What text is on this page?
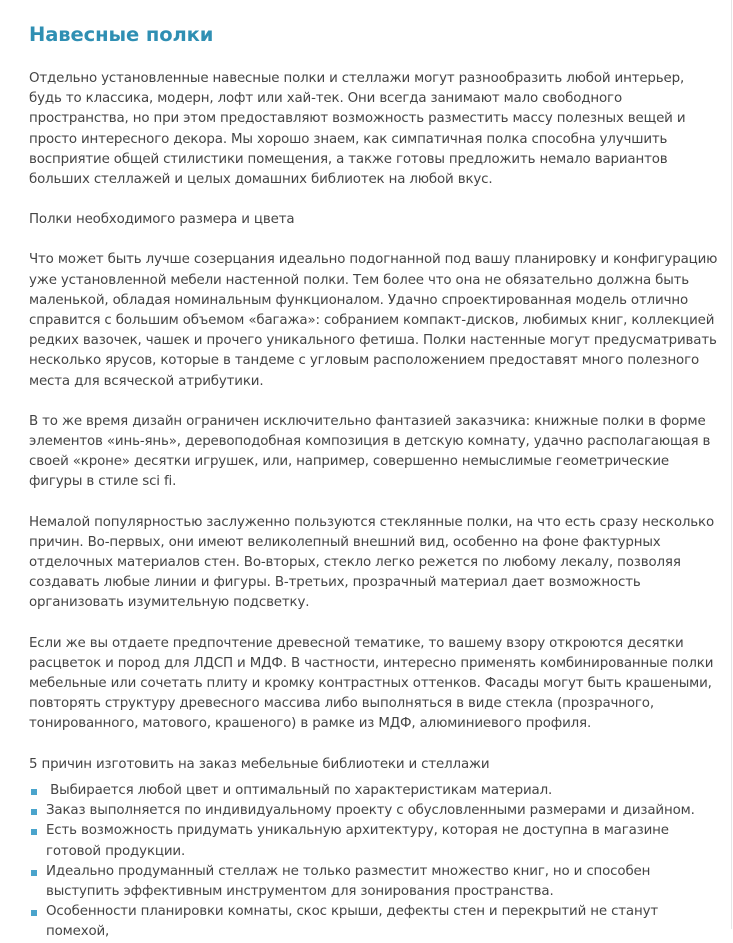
Навесные полки

Отдельно установленные навесные полки и стеллажи могут разнообразить любой интерьер, будь то классика, модерн, лофт или хай-тек. Они всегда занимают мало свободного пространства, но при этом предоставляют возможность разместить массу полезных вещей и просто интересного декора. Мы хорошо знаем, как симпатичная полка способна улучшить восприятие общей стилистики помещения, а также готовы предложить немало вариантов больших стеллажей и целых домашних библиотек на любой вкус.

Полки необходимого размера и цвета

Что может быть лучше созерцания идеально подогнанной под вашу планировку и конфигурацию уже установленной мебели настенной полки. Тем более что она не обязательно должна быть маленькой, обладая номинальным функционалом. Удачно спроектированная модель отлично справится с большим объемом «багажа»: собранием компакт-дисков, любимых книг, коллекцией редких вазочек, чашек и прочего уникального фетиша. Полки настенные могут предусматривать несколько ярусов, которые в тандеме с угловым расположением предоставят много полезного места для всяческой атрибутики.

В то же время дизайн ограничен исключительно фантазией заказчика: книжные полки в форме элементов «инь-янь», деревоподобная композиция в детскую комнату, удачно располагающая в своей «кроне» десятки игрушек, или, например, совершенно немыслимые геометрические фигуры в стиле sci fi.

Немалой популярностью заслуженно пользуются стеклянные полки, на что есть сразу несколько причин. Во-первых, они имеют великолепный внешний вид, особенно на фоне фактурных отделочных материалов стен. Во-вторых, стекло легко режется по любому лекалу, позволяя создавать любые линии и фигуры. В-третьих, прозрачный материал дает возможность организовать изумительную подсветку.

Если же вы отдаете предпочтение древесной тематике, то вашему взору откроются десятки расцветок и пород для ЛДСП и МДФ. В частности, интересно применять комбинированные полки мебельные или сочетать плиту и кромку контрастных оттенков. Фасады могут быть крашеными, повторять структуру древесного массива либо выполняться в виде стекла (прозрачного, тонированного, матового, крашеного) в рамке из МДФ, алюминиевого профиля.

5 причин изготовить на заказ мебельные библиотеки и стеллажи

Выбирается любой цвет и оптимальный по характеристикам материал.
Заказ выполняется по индивидуальному проекту с обусловленными размерами и дизайном.
Есть возможность придумать уникальную архитектуру, которая не доступна в магазине готовой продукции.
Идеально продуманный стеллаж не только разместит множество книг, но и способен выступить эффективным инструментом для зонирования пространства.
Особенности планировки комнаты, скос крыши, дефекты стен и перекрытий не станут помехой,
